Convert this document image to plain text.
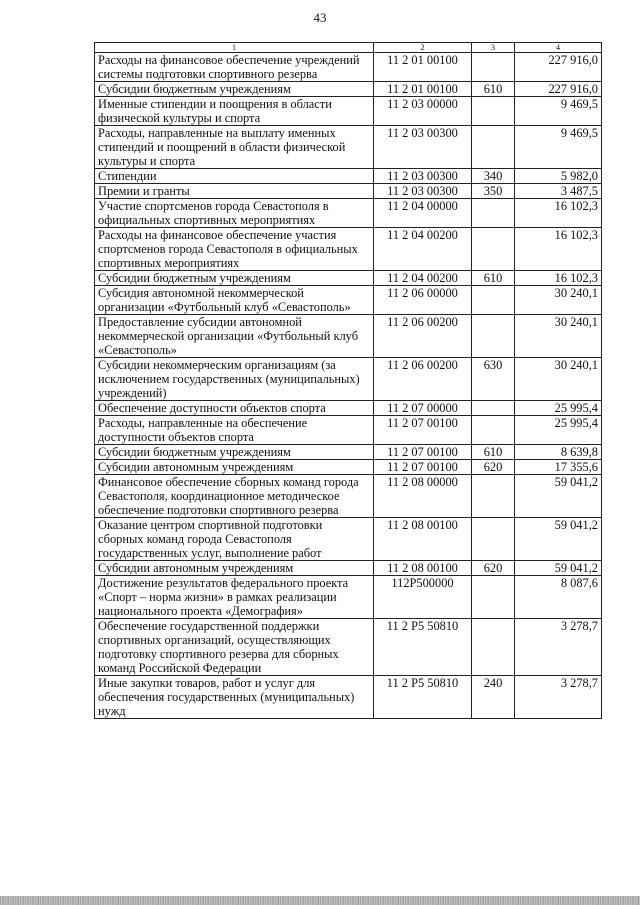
43
1	2	3	4
Расходы на финансовое обеспечение учреждений системы подготовки спортивного резерва	11 2 01 00100		227 916,0
Субсидии бюджетным учреждениям	11 2 01 00100	610	227 916,0
Именные стипендии и поощрения в области физической культуры и спорта	11 2 03 00000		9 469,5
Расходы, направленные на выплату именных стипендий и поощрений в области физической культуры и спорта	11 2 03 00300		9 469,5
Стипендии	11 2 03 00300	340	5 982,0
Премии и гранты	11 2 03 00300	350	3 487,5
Участие спортсменов города Севастополя в официальных спортивных мероприятиях	11 2 04 00000		16 102,3
Расходы на финансовое обеспечение участия спортсменов города Севастополя в официальных спортивных мероприятиях	11 2 04 00200		16 102,3
Субсидии бюджетным учреждениям	11 2 04 00200	610	16 102,3
Субсидия автономной некоммерческой организации «Футбольный клуб «Севастополь»	11 2 06 00000		30 240,1
Предоставление субсидии автономной некоммерческой организации «Футбольный клуб «Севастополь»	11 2 06 00200		30 240,1
Субсидии некоммерческим организациям (за исключением государственных (муниципальных) учреждений)	11 2 06 00200	630	30 240,1
Обеспечение доступности объектов спорта	11 2 07 00000		25 995,4
Расходы, направленные на обеспечение доступности объектов спорта	11 2 07 00100		25 995,4
Субсидии бюджетным учреждениям	11 2 07 00100	610	8 639,8
Субсидии автономным учреждениям	11 2 07 00100	620	17 355,6
Финансовое обеспечение сборных команд города Севастополя, координационное методическое обеспечение подготовки спортивного резерва	11 2 08 00000		59 041,2
Оказание центром спортивной подготовки сборных команд города Севастополя государственных услуг, выполнение работ	11 2 08 00100		59 041,2
Субсидии автономным учреждениям	11 2 08 00100	620	59 041,2
Достижение результатов федерального проекта «Спорт – норма жизни» в рамках реализации национального проекта «Демография»	112P500000		8 087,6
Обеспечение государственной поддержки спортивных организаций, осуществляющих подготовку спортивного резерва для сборных команд Российской Федерации	11 2 P5 50810		3 278,7
Иные закупки товаров, работ и услуг для обеспечения государственных (муниципальных) нужд	11 2 P5 50810	240	3 278,7
